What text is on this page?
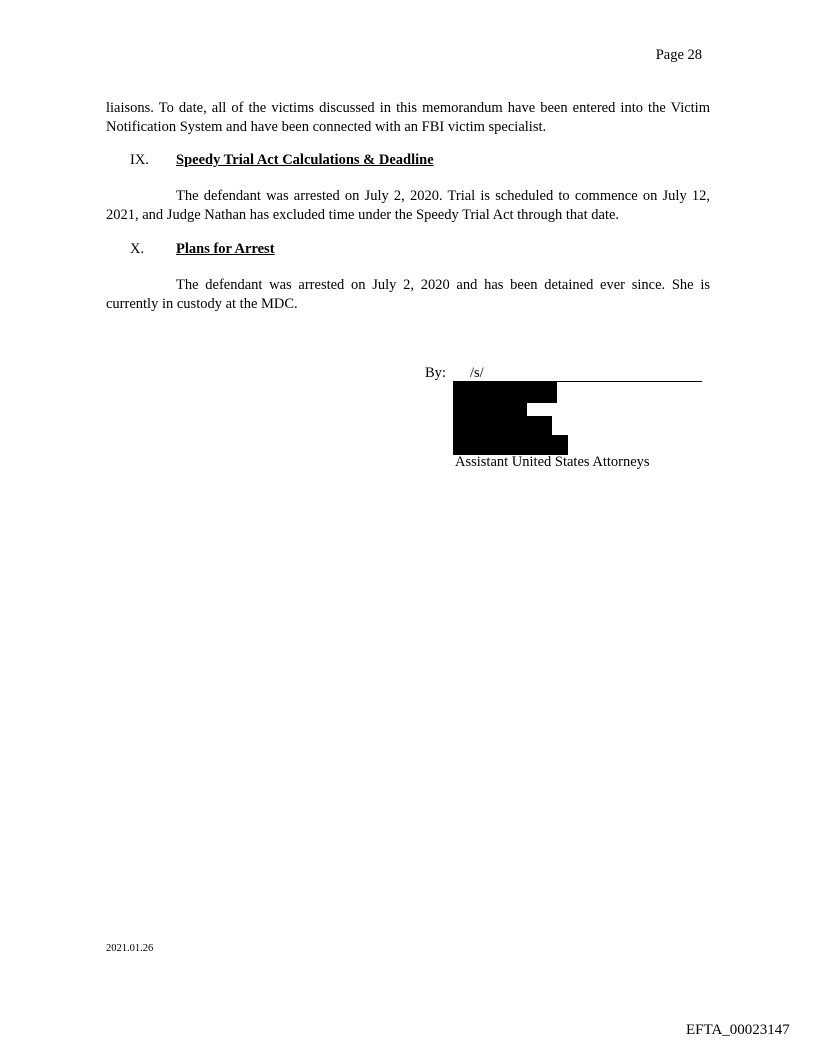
Page 28

liaisons. To date, all of the victims discussed in this memorandum have been entered into the Victim Notification System and have been connected with an FBI victim specialist.

IX. Speedy Trial Act Calculations & Deadline

The defendant was arrested on July 2, 2020. Trial is scheduled to commence on July 12, 2021, and Judge Nathan has excluded time under the Speedy Trial Act through that date.

X. Plans for Arrest

The defendant was arrested on July 2, 2020 and has been detained ever since. She is currently in custody at the MDC.

By: /s/
Assistant United States Attorneys
2021.01.26
EFTA_00023147
